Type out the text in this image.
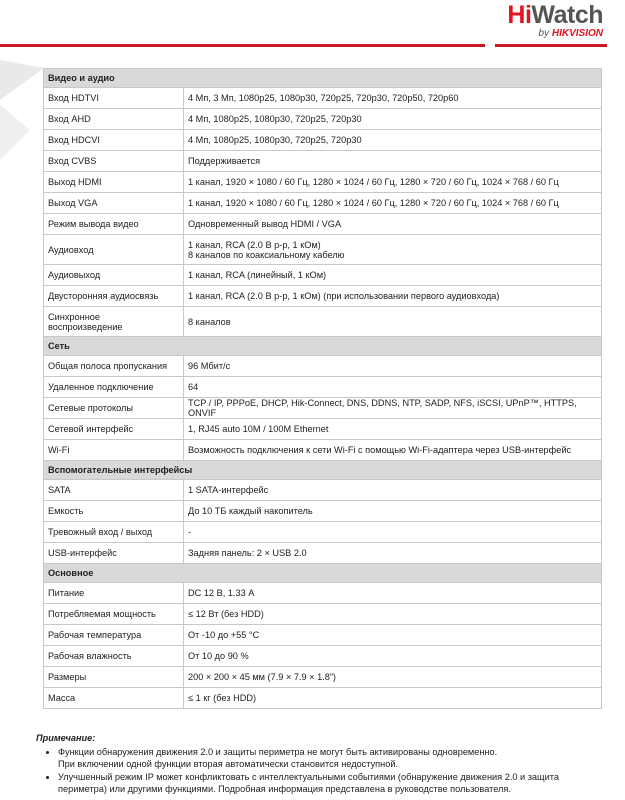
HiWatch
by HIKVISION
Видео и аудио	
Вход HDTVI	4 Мп, 3 Мп, 1080p25, 1080p30, 720p25, 720p30, 720p50, 720p60
Вход AHD	4 Мп, 1080p25, 1080p30, 720p25, 720p30
Вход HDCVI	4 Мп, 1080p25, 1080p30, 720p25, 720p30
Вход CVBS	Поддерживается
Выход HDMI	1 канал, 1920 × 1080 / 60 Гц, 1280 × 1024 / 60 Гц, 1280 × 720 / 60 Гц, 1024 × 768 / 60 Гц
Выход VGA	1 канал, 1920 × 1080 / 60 Гц, 1280 × 1024 / 60 Гц, 1280 × 720 / 60 Гц, 1024 × 768 / 60 Гц
Режим вывода видео	Одновременный вывод HDMI / VGA
Аудиовход	1 канал, RCA (2.0 В р-р, 1 кОм)
8 каналов по коаксиальному кабелю
Аудиовыход	1 канал, RCA (линейный, 1 кОм)
Двусторонняя аудиосвязь	1 канал, RCA (2.0 В р-р, 1 кОм) (при использовании первого аудиовхода)
Синхронное
воспроизведение	8 каналов
Сеть	
Общая полоса пропускания	96 Мбит/с
Удаленное подключение	64
Сетевые протоколы	TCP / IP, PPPoE, DHCP, Hik-Connect, DNS, DDNS, NTP, SADP, NFS, iSCSI, UPnP™, HTTPS, ONVIF
Сетевой интерфейс	1, RJ45 auto 10M / 100M Ethernet
Wi-Fi	Возможность подключения к сети Wi-Fi с помощью Wi-Fi-адаптера через USB-интерфейс
Вспомогательные интерфейсы	
SATA	1 SATA-интерфейс
Емкость	До 10 ТБ каждый накопитель
Тревожный вход / выход	-
USB-интерфейс	Задняя панель: 2 × USB 2.0
Основное	
Питание	DC 12 В, 1.33 А
Потребляемая мощность	≤ 12 Вт (без HDD)
Рабочая температура	От -10 до +55 °С
Рабочая влажность	От 10 до 90 %
Размеры	200 × 200 × 45 мм (7.9 × 7.9 × 1.8”)
Масса	≤ 1 кг (без HDD)
Примечание:
• Функции обнаружения движения 2.0 и защиты периметра не могут быть активированы одновременно.
При включении одной функции вторая автоматически становится недоступной.
• Улучшенный режим IP может конфликтовать с интеллектуальными событиями (обнаружение движения 2.0 и защита
периметра) или другими функциями. Подробная информация представлена в руководстве пользователя.
